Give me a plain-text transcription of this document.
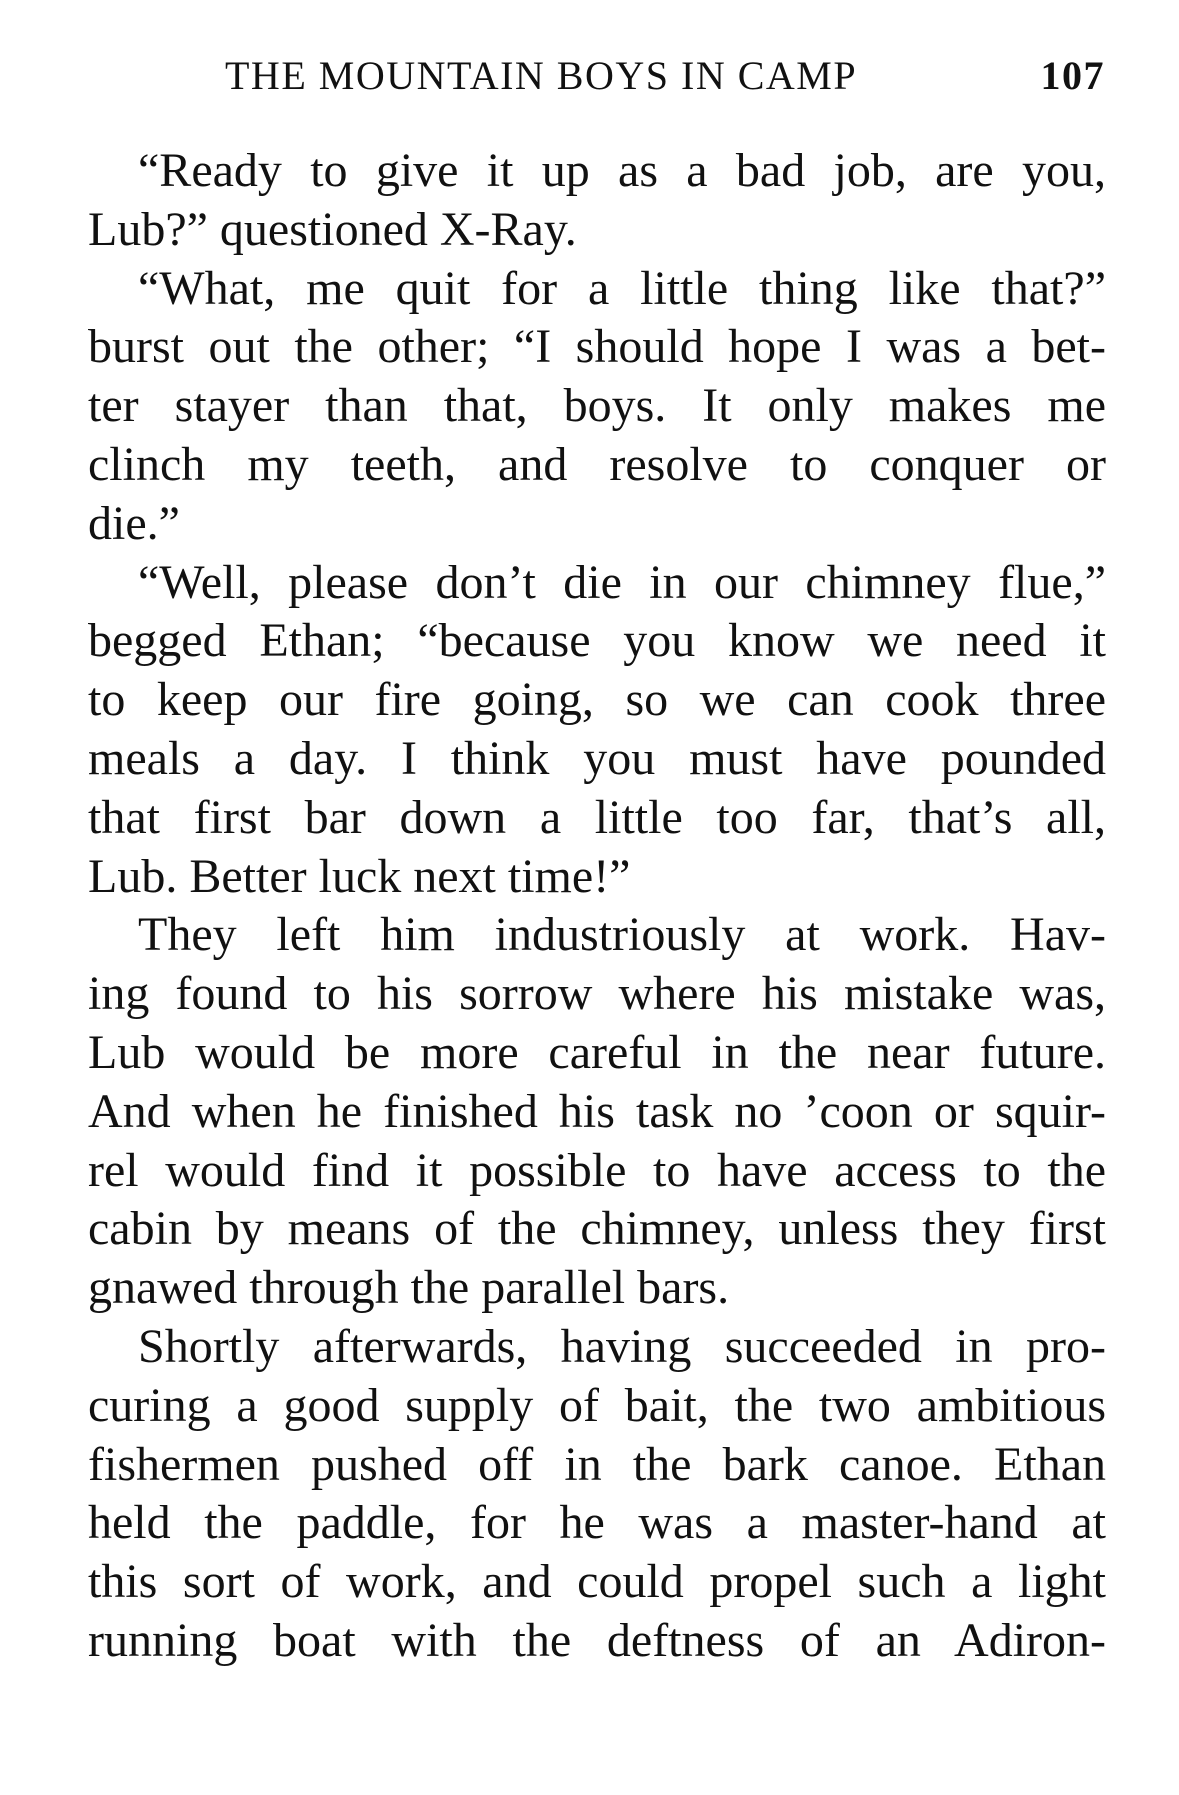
THE MOUNTAIN BOYS IN CAMP	107
“Ready to give it up as a bad job, are you,
Lub?” questioned X-Ray.
“What, me quit for a little thing like that?”
burst out the other; “I should hope I was a bet-
ter stayer than that, boys. It only makes me
clinch my teeth, and resolve to conquer or
die.”
“Well, please don’t die in our chimney flue,”
begged Ethan; “because you know we need it
to keep our fire going, so we can cook three
meals a day. I think you must have pounded
that first bar down a little too far, that’s all,
Lub. Better luck next time!”
They left him industriously at work. Hav-
ing found to his sorrow where his mistake was,
Lub would be more careful in the near future.
And when he finished his task no ’coon or squir-
rel would find it possible to have access to the
cabin by means of the chimney, unless they first
gnawed through the parallel bars.
Shortly afterwards, having succeeded in pro-
curing a good supply of bait, the two ambitious
fishermen pushed off in the bark canoe. Ethan
held the paddle, for he was a master-hand at
this sort of work, and could propel such a light
running boat with the deftness of an Adiron-
